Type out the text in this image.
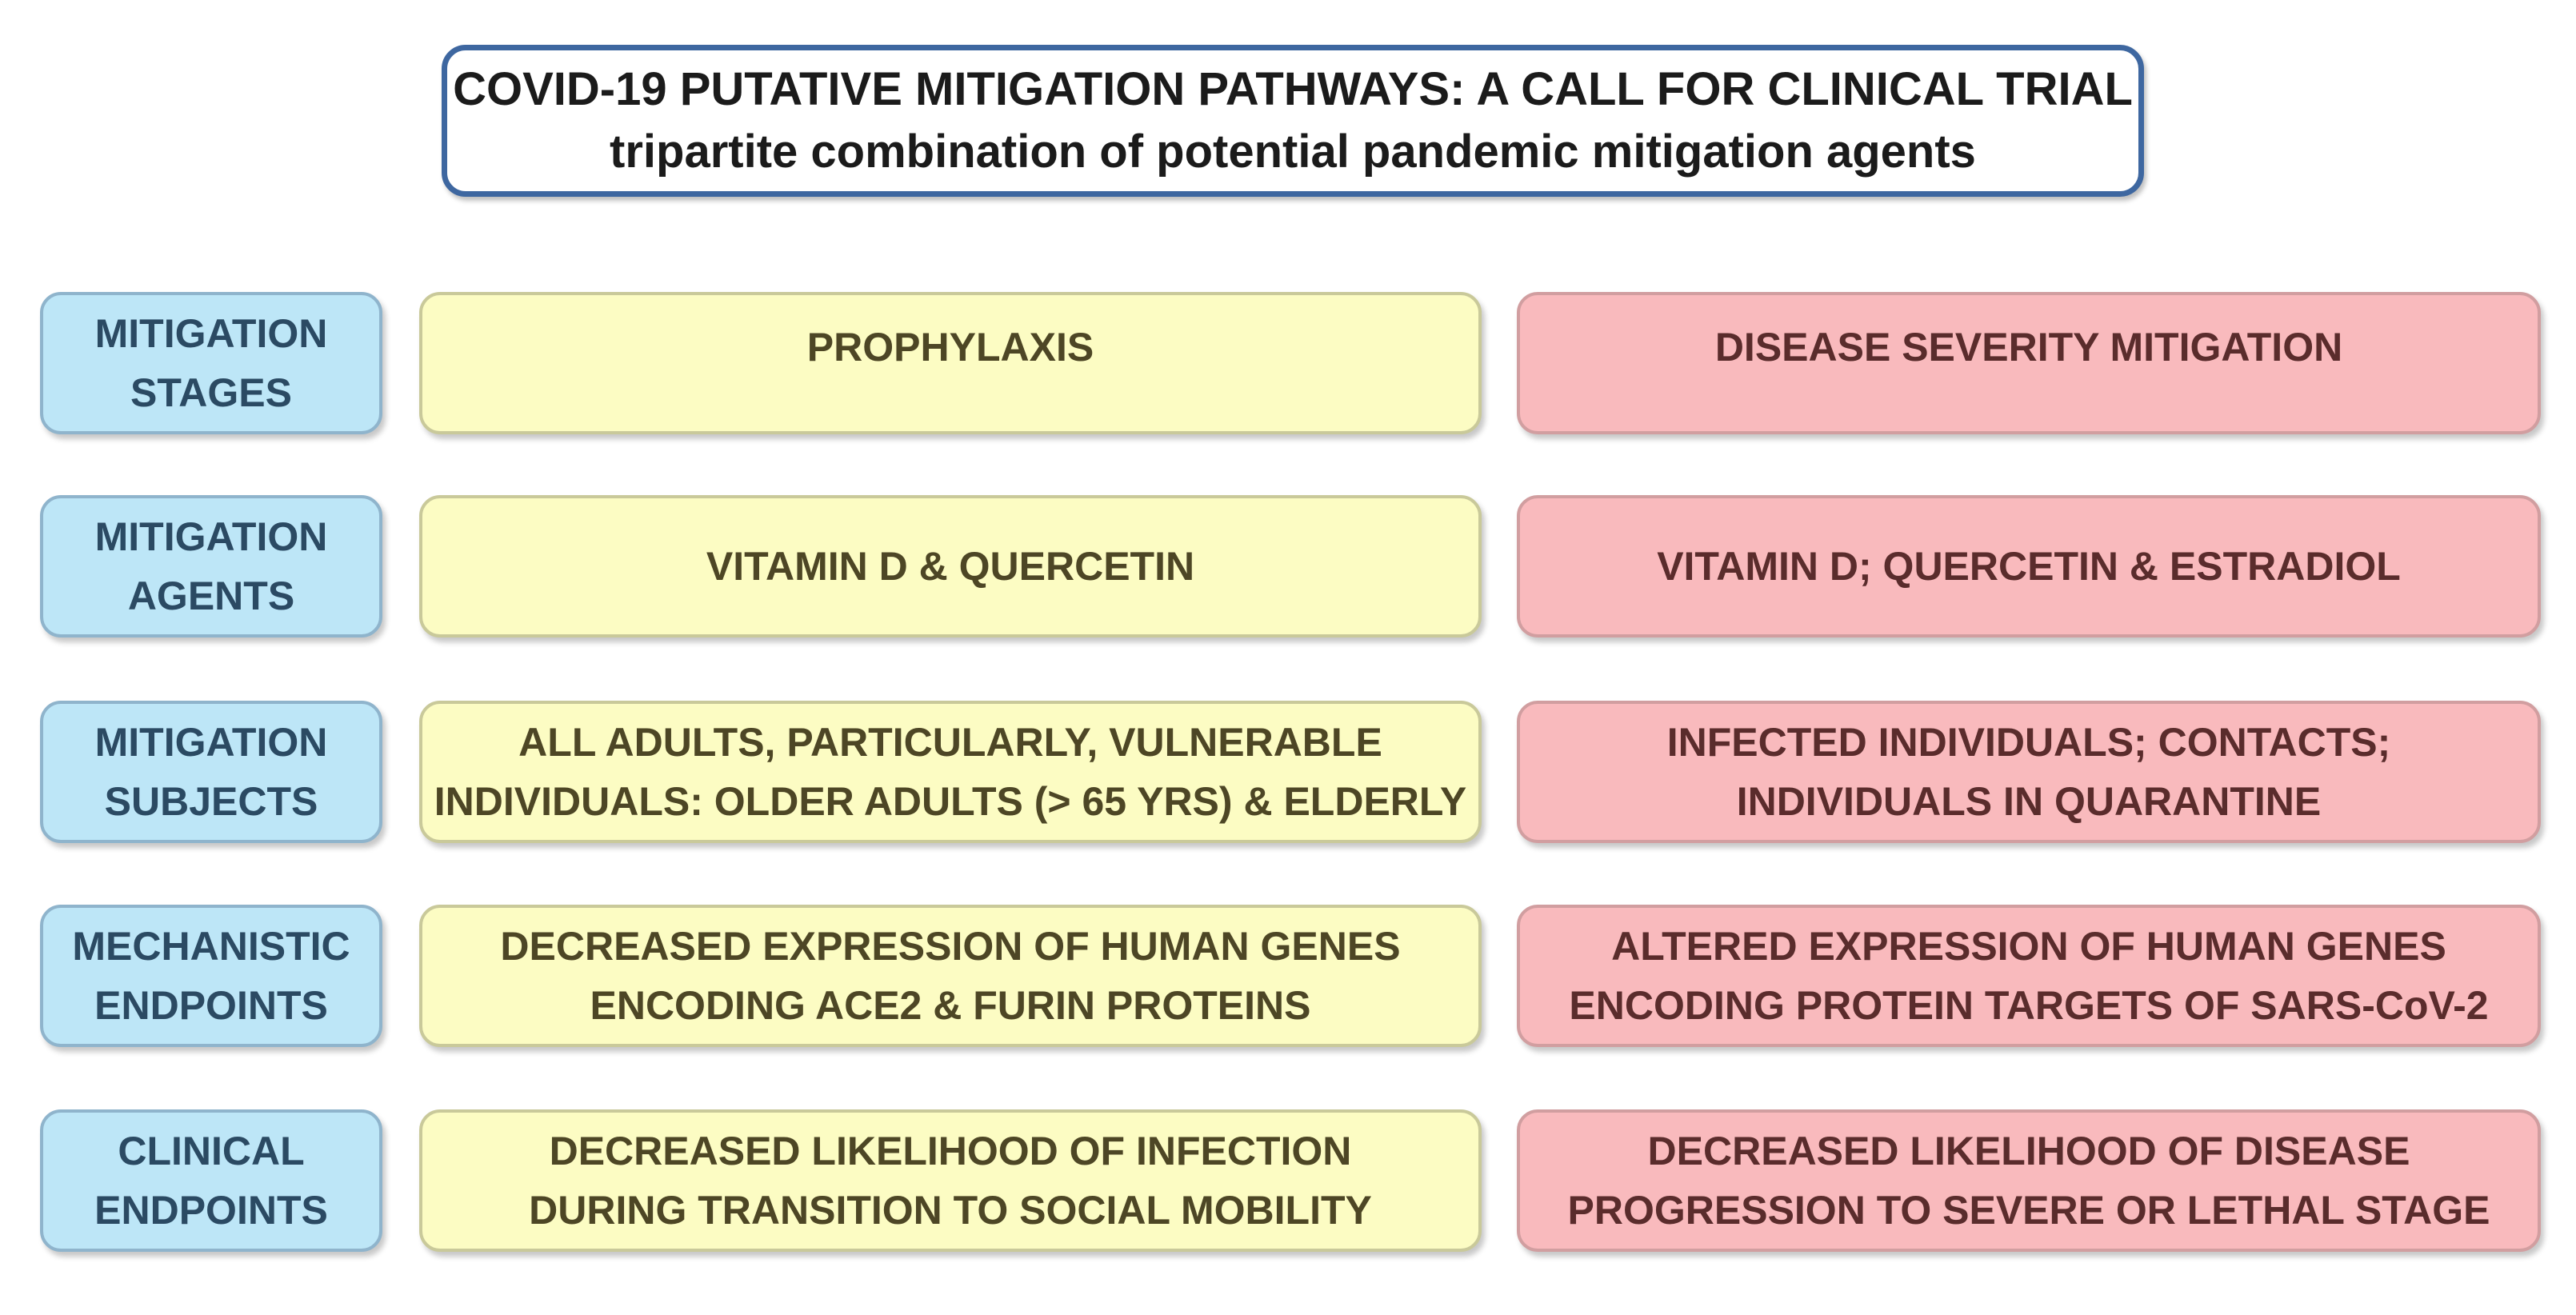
COVID-19 PUTATIVE MITIGATION PATHWAYS: A CALL FOR CLINICAL TRIAL
tripartite combination of potential pandemic mitigation agents
MITIGATION
STAGES
PROPHYLAXIS	DISEASE SEVERITY MITIGATION
MITIGATION
AGENTS
VITAMIN D & QUERCETIN	VITAMIN D; QUERCETIN & ESTRADIOL
MITIGATION
SUBJECTS
ALL ADULTS, PARTICULARLY, VULNERABLE
INDIVIDUALS: OLDER ADULTS (> 65 YRS) & ELDERLY
INFECTED INDIVIDUALS; CONTACTS;
INDIVIDUALS IN QUARANTINE
MECHANISTIC
ENDPOINTS
DECREASED EXPRESSION OF HUMAN GENES
ENCODING ACE2 & FURIN PROTEINS
ALTERED EXPRESSION OF HUMAN GENES
ENCODING PROTEIN TARGETS OF SARS-CoV-2
CLINICAL
ENDPOINTS
DECREASED LIKELIHOOD OF INFECTION
DURING TRANSITION TO SOCIAL MOBILITY
DECREASED LIKELIHOOD OF DISEASE
PROGRESSION TO SEVERE OR LETHAL STAGE
